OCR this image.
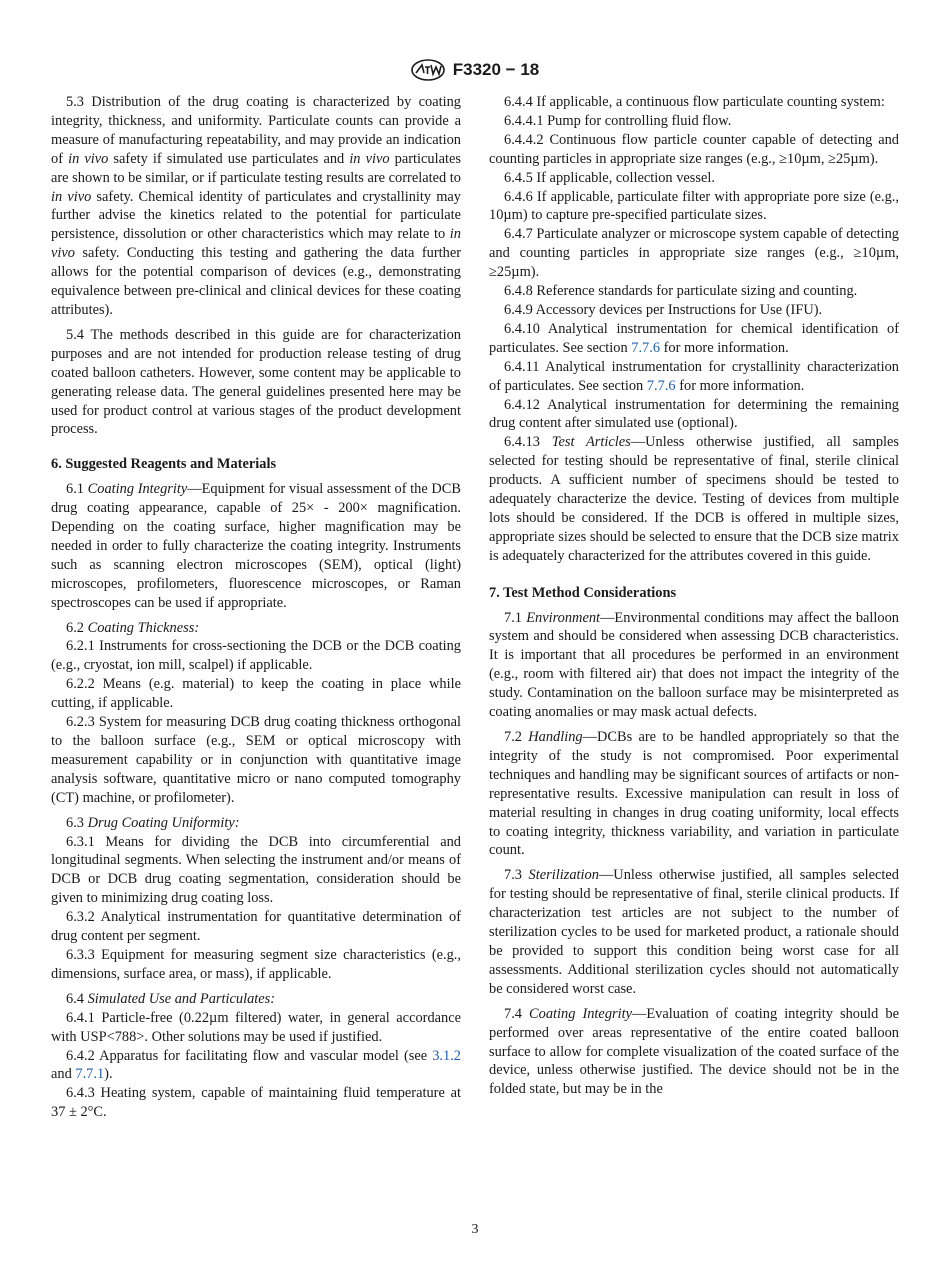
F3320 − 18

5.3 Distribution of the drug coating is characterized by coating integrity, thickness, and uniformity. Particulate counts can provide a measure of manufacturing repeatability, and may provide an indication of in vivo safety if simulated use particulates and in vivo particulates are shown to be similar, or if particulate testing results are correlated to in vivo safety. Chemical identity of particulates and crystallinity may further advise the kinetics related to the potential for particulate persistence, dissolution or other characteristics which may relate to in vivo safety. Conducting this testing and gathering the data further allows for the potential comparison of devices (e.g., demonstrating equivalence between pre-clinical and clinical devices for these coating attributes).

5.4 The methods described in this guide are for characterization purposes and are not intended for production release testing of drug coated balloon catheters. However, some content may be applicable to generating release data. The general guidelines presented here may be used for product control at various stages of the product development process.

6. Suggested Reagents and Materials

6.1 Coating Integrity—Equipment for visual assessment of the DCB drug coating appearance, capable of 25× - 200× magnification. Depending on the coating surface, higher magnification may be needed in order to fully characterize the coating integrity. Instruments such as scanning electron microscopes (SEM), optical (light) microscopes, profilometers, fluorescence microscopes, or Raman spectroscopes can be used if appropriate.

6.2 Coating Thickness:

6.2.1 Instruments for cross-sectioning the DCB or the DCB coating (e.g., cryostat, ion mill, scalpel) if applicable.

6.2.2 Means (e.g. material) to keep the coating in place while cutting, if applicable.

6.2.3 System for measuring DCB drug coating thickness orthogonal to the balloon surface (e.g., SEM or optical microscopy with measurement capability or in conjunction with quantitative image analysis software, quantitative micro or nano computed tomography (CT) machine, or profilometer).

6.3 Drug Coating Uniformity:

6.3.1 Means for dividing the DCB into circumferential and longitudinal segments. When selecting the instrument and/or means of DCB or DCB drug coating segmentation, consideration should be given to minimizing drug coating loss.

6.3.2 Analytical instrumentation for quantitative determination of drug content per segment.

6.3.3 Equipment for measuring segment size characteristics (e.g., dimensions, surface area, or mass), if applicable.

6.4 Simulated Use and Particulates:

6.4.1 Particle-free (0.22µm filtered) water, in general accordance with USP<788>. Other solutions may be used if justified.

6.4.2 Apparatus for facilitating flow and vascular model (see 3.1.2 and 7.7.1).

6.4.3 Heating system, capable of maintaining fluid temperature at 37 ± 2°C.

6.4.4 If applicable, a continuous flow particulate counting system:

6.4.4.1 Pump for controlling fluid flow.

6.4.4.2 Continuous flow particle counter capable of detecting and counting particles in appropriate size ranges (e.g., ≥10µm, ≥25µm).

6.4.5 If applicable, collection vessel.

6.4.6 If applicable, particulate filter with appropriate pore size (e.g., 10µm) to capture pre-specified particulate sizes.

6.4.7 Particulate analyzer or microscope system capable of detecting and counting particles in appropriate size ranges (e.g., ≥10µm, ≥25µm).

6.4.8 Reference standards for particulate sizing and counting.

6.4.9 Accessory devices per Instructions for Use (IFU).

6.4.10 Analytical instrumentation for chemical identification of particulates. See section 7.7.6 for more information.

6.4.11 Analytical instrumentation for crystallinity characterization of particulates. See section 7.7.6 for more information.

6.4.12 Analytical instrumentation for determining the remaining drug content after simulated use (optional).

6.4.13 Test Articles—Unless otherwise justified, all samples selected for testing should be representative of final, sterile clinical products. A sufficient number of specimens should be tested to adequately characterize the device. Testing of devices from multiple lots should be considered. If the DCB is offered in multiple sizes, appropriate sizes should be selected to ensure that the DCB size matrix is adequately characterized for the attributes covered in this guide.

7. Test Method Considerations

7.1 Environment—Environmental conditions may affect the balloon system and should be considered when assessing DCB characteristics. It is important that all procedures be performed in an environment (e.g., room with filtered air) that does not impact the integrity of the study. Contamination on the balloon surface may be misinterpreted as coating anomalies or may mask actual defects.

7.2 Handling—DCBs are to be handled appropriately so that the integrity of the study is not compromised. Poor experimental techniques and handling may be significant sources of artifacts or non-representative results. Excessive manipulation can result in loss of material resulting in changes in drug coating uniformity, local effects to coating integrity, thickness variability, and variation in particulate count.

7.3 Sterilization—Unless otherwise justified, all samples selected for testing should be representative of final, sterile clinical products. If characterization test articles are not subject to the number of sterilization cycles to be used for marketed product, a rationale should be provided to support this condition being worst case for all assessments. Additional sterilization cycles should not automatically be considered worst case.

7.4 Coating Integrity—Evaluation of coating integrity should be performed over areas representative of the entire coated balloon surface to allow for complete visualization of the coated surface of the device, unless otherwise justified. The device should not be in the folded state, but may be in the

3
